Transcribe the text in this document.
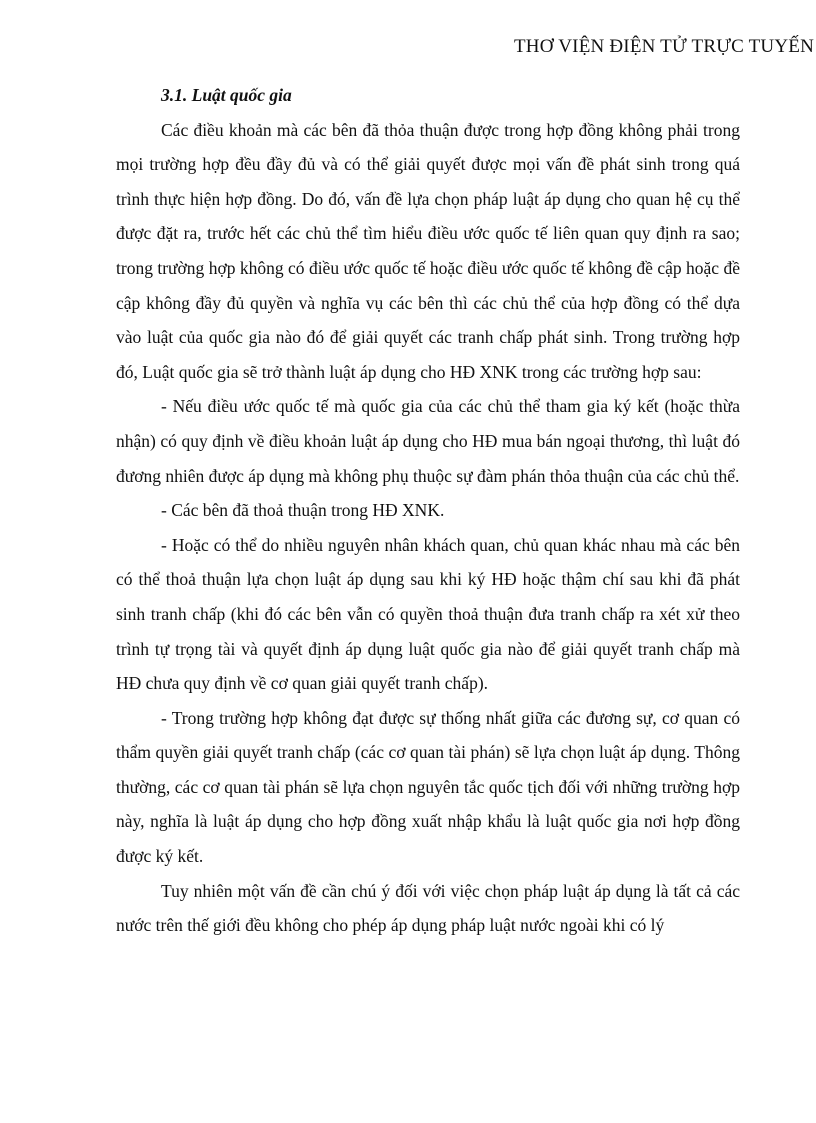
THƠ VIỆN ĐIỆN TỬ TRỰC TUYẾN

3.1. Luật quốc gia

Các điều khoản mà các bên đã thỏa thuận được trong hợp đồng không phải trong mọi trường hợp đều đầy đủ và có thể giải quyết được mọi vấn đề phát sinh trong quá trình thực hiện hợp đồng. Do đó, vấn đề lựa chọn pháp luật áp dụng cho quan hệ cụ thể được đặt ra, trước hết các chủ thể tìm hiểu điều ước quốc tế liên quan quy định ra sao; trong trường hợp không có điều ước quốc tế hoặc điều ước quốc tế không đề cập hoặc đề cập không đầy đủ quyền và nghĩa vụ các bên thì các chủ thể của hợp đồng có thể dựa vào luật của quốc gia nào đó để giải quyết các tranh chấp phát sinh. Trong trường hợp đó, Luật quốc gia sẽ trở thành luật áp dụng cho HĐ XNK trong các trường hợp sau:

- Nếu điều ước quốc tế mà quốc gia của các chủ thể tham gia ký kết (hoặc thừa nhận) có quy định về điều khoản luật áp dụng cho HĐ mua bán ngoại thương, thì luật đó đương nhiên được áp dụng mà không phụ thuộc sự đàm phán thỏa thuận của các chủ thể.

- Các bên đã thoả thuận trong HĐ XNK.

- Hoặc có thể do nhiều nguyên nhân khách quan, chủ quan khác nhau mà các bên có thể thoả thuận lựa chọn luật áp dụng sau khi ký HĐ hoặc thậm chí sau khi đã phát sinh tranh chấp (khi đó các bên vẫn có quyền thoả thuận đưa tranh chấp ra xét xử theo trình tự trọng tài và quyết định áp dụng luật quốc gia nào để giải quyết tranh chấp mà HĐ chưa quy định về cơ quan giải quyết tranh chấp).

- Trong trường hợp không đạt được sự thống nhất giữa các đương sự, cơ quan có thẩm quyền giải quyết tranh chấp (các cơ quan tài phán) sẽ lựa chọn luật áp dụng. Thông thường, các cơ quan tài phán sẽ lựa chọn nguyên tắc quốc tịch đối với những trường hợp này, nghĩa là luật áp dụng cho hợp đồng xuất nhập khẩu là luật quốc gia nơi hợp đồng được ký kết.

Tuy nhiên một vấn đề cần chú ý đối với việc chọn pháp luật áp dụng là tất cả các nước trên thế giới đều không cho phép áp dụng pháp luật nước ngoài khi có lý
